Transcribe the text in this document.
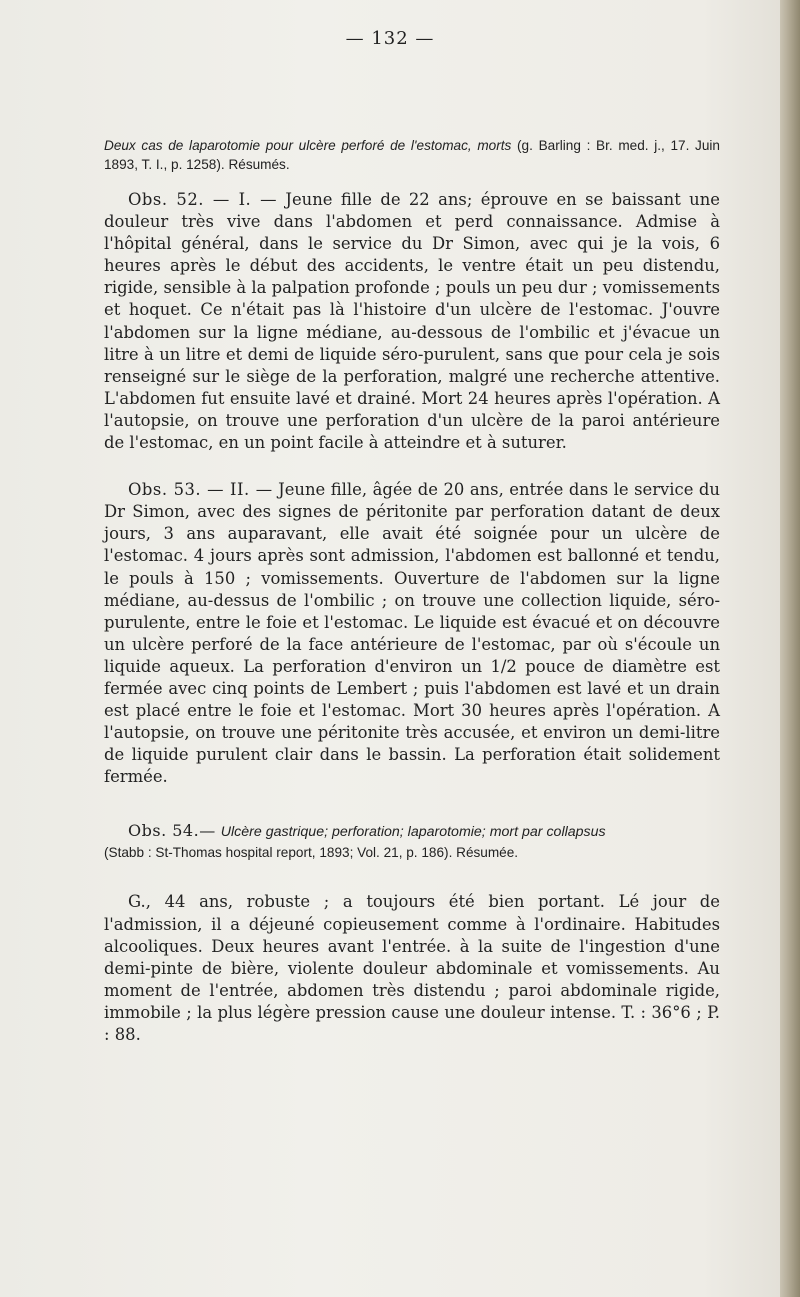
— 132 —
Deux cas de laparotomie pour ulcère perforé de l'estomac, morts (g. Barling : Br. med. j., 17. Juin 1893, T. I., p. 1258). Résumés.

Obs. 52. — I. — Jeune fille de 22 ans; éprouve en se baissant une douleur très vive dans l'abdomen et perd connaissance. Admise à l'hôpital général, dans le service du Dr Simon, avec qui je la vois, 6 heures après le début des accidents, le ventre était un peu distendu, rigide, sensible à la palpation profonde ; pouls un peu dur ; vomissements et hoquet. Ce n'était pas là l'histoire d'un ulcère de l'estomac. J'ouvre l'abdomen sur la ligne médiane, au-dessous de l'ombilic et j'évacue un litre à un litre et demi de liquide séro-purulent, sans que pour cela je sois renseigné sur le siège de la perforation, malgré une recherche attentive. L'abdomen fut ensuite lavé et drainé. Mort 24 heures après l'opération. A l'autopsie, on trouve une perforation d'un ulcère de la paroi antérieure de l'estomac, en un point facile à atteindre et à suturer.

Obs. 53. — II. — Jeune fille, âgée de 20 ans, entrée dans le service du Dr Simon, avec des signes de péritonite par perforation datant de deux jours, 3 ans auparavant, elle avait été soignée pour un ulcère de l'estomac. 4 jours après sont admission, l'abdomen est ballonné et tendu, le pouls à 150 ; vomissements. Ouverture de l'abdomen sur la ligne médiane, au-dessus de l'ombilic ; on trouve une collection liquide, séro-purulente, entre le foie et l'estomac. Le liquide est évacué et on découvre un ulcère perforé de la face antérieure de l'estomac, par où s'écoule un liquide aqueux. La perforation d'environ un 1/2 pouce de diamètre est fermée avec cinq points de Lembert ; puis l'abdomen est lavé et un drain est placé entre le foie et l'estomac. Mort 30 heures après l'opération. A l'autopsie, on trouve une péritonite très accusée, et environ un demi-litre de liquide purulent clair dans le bassin. La perforation était solidement fermée.

Obs. 54.— Ulcère gastrique; perforation; laparotomie; mort par collapsus
(Stabb : St-Thomas hospital report, 1893; Vol. 21, p. 186). Résumée.

G., 44 ans, robuste ; a toujours été bien portant. Lé jour de l'admission, il a déjeuné copieusement comme à l'ordinaire. Habitudes alcooliques. Deux heures avant l'entrée. à la suite de l'ingestion d'une demi-pinte de bière, violente douleur abdominale et vomissements. Au moment de l'entrée, abdomen très distendu ; paroi abdominale rigide, immobile ; la plus légère pression cause une douleur intense. T. : 36°6 ; P. : 88.
